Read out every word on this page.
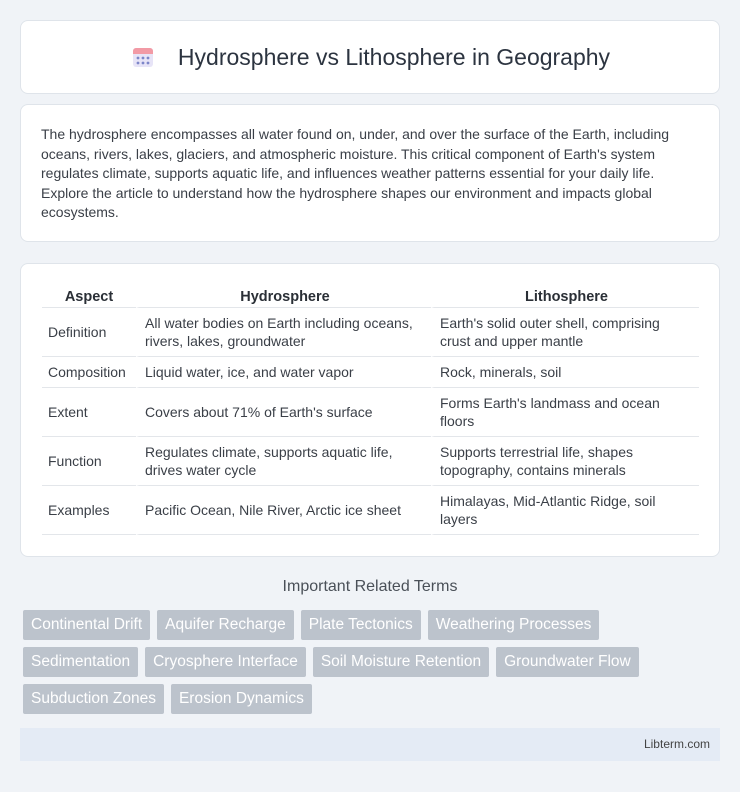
Hydrosphere vs Lithosphere in Geography

The hydrosphere encompasses all water found on, under, and over the surface of the Earth, including oceans, rivers, lakes, glaciers, and atmospheric moisture. This critical component of Earth's system regulates climate, supports aquatic life, and influences weather patterns essential for your daily life. Explore the article to understand how the hydrosphere shapes our environment and impacts global ecosystems.

Aspect	Hydrosphere	Lithosphere
Definition	All water bodies on Earth including oceans, rivers, lakes, groundwater	Earth's solid outer shell, comprising crust and upper mantle
Composition	Liquid water, ice, and water vapor	Rock, minerals, soil
Extent	Covers about 71% of Earth's surface	Forms Earth's landmass and ocean floors
Function	Regulates climate, supports aquatic life, drives water cycle	Supports terrestrial life, shapes topography, contains minerals
Examples	Pacific Ocean, Nile River, Arctic ice sheet	Himalayas, Mid-Atlantic Ridge, soil layers
Important Related Terms
Continental Drift	Aquifer Recharge	Plate Tectonics	Weathering Processes
Sedimentation	Cryosphere Interface	Soil Moisture Retention	Groundwater Flow
Subduction Zones	Erosion Dynamics
Libterm.com
